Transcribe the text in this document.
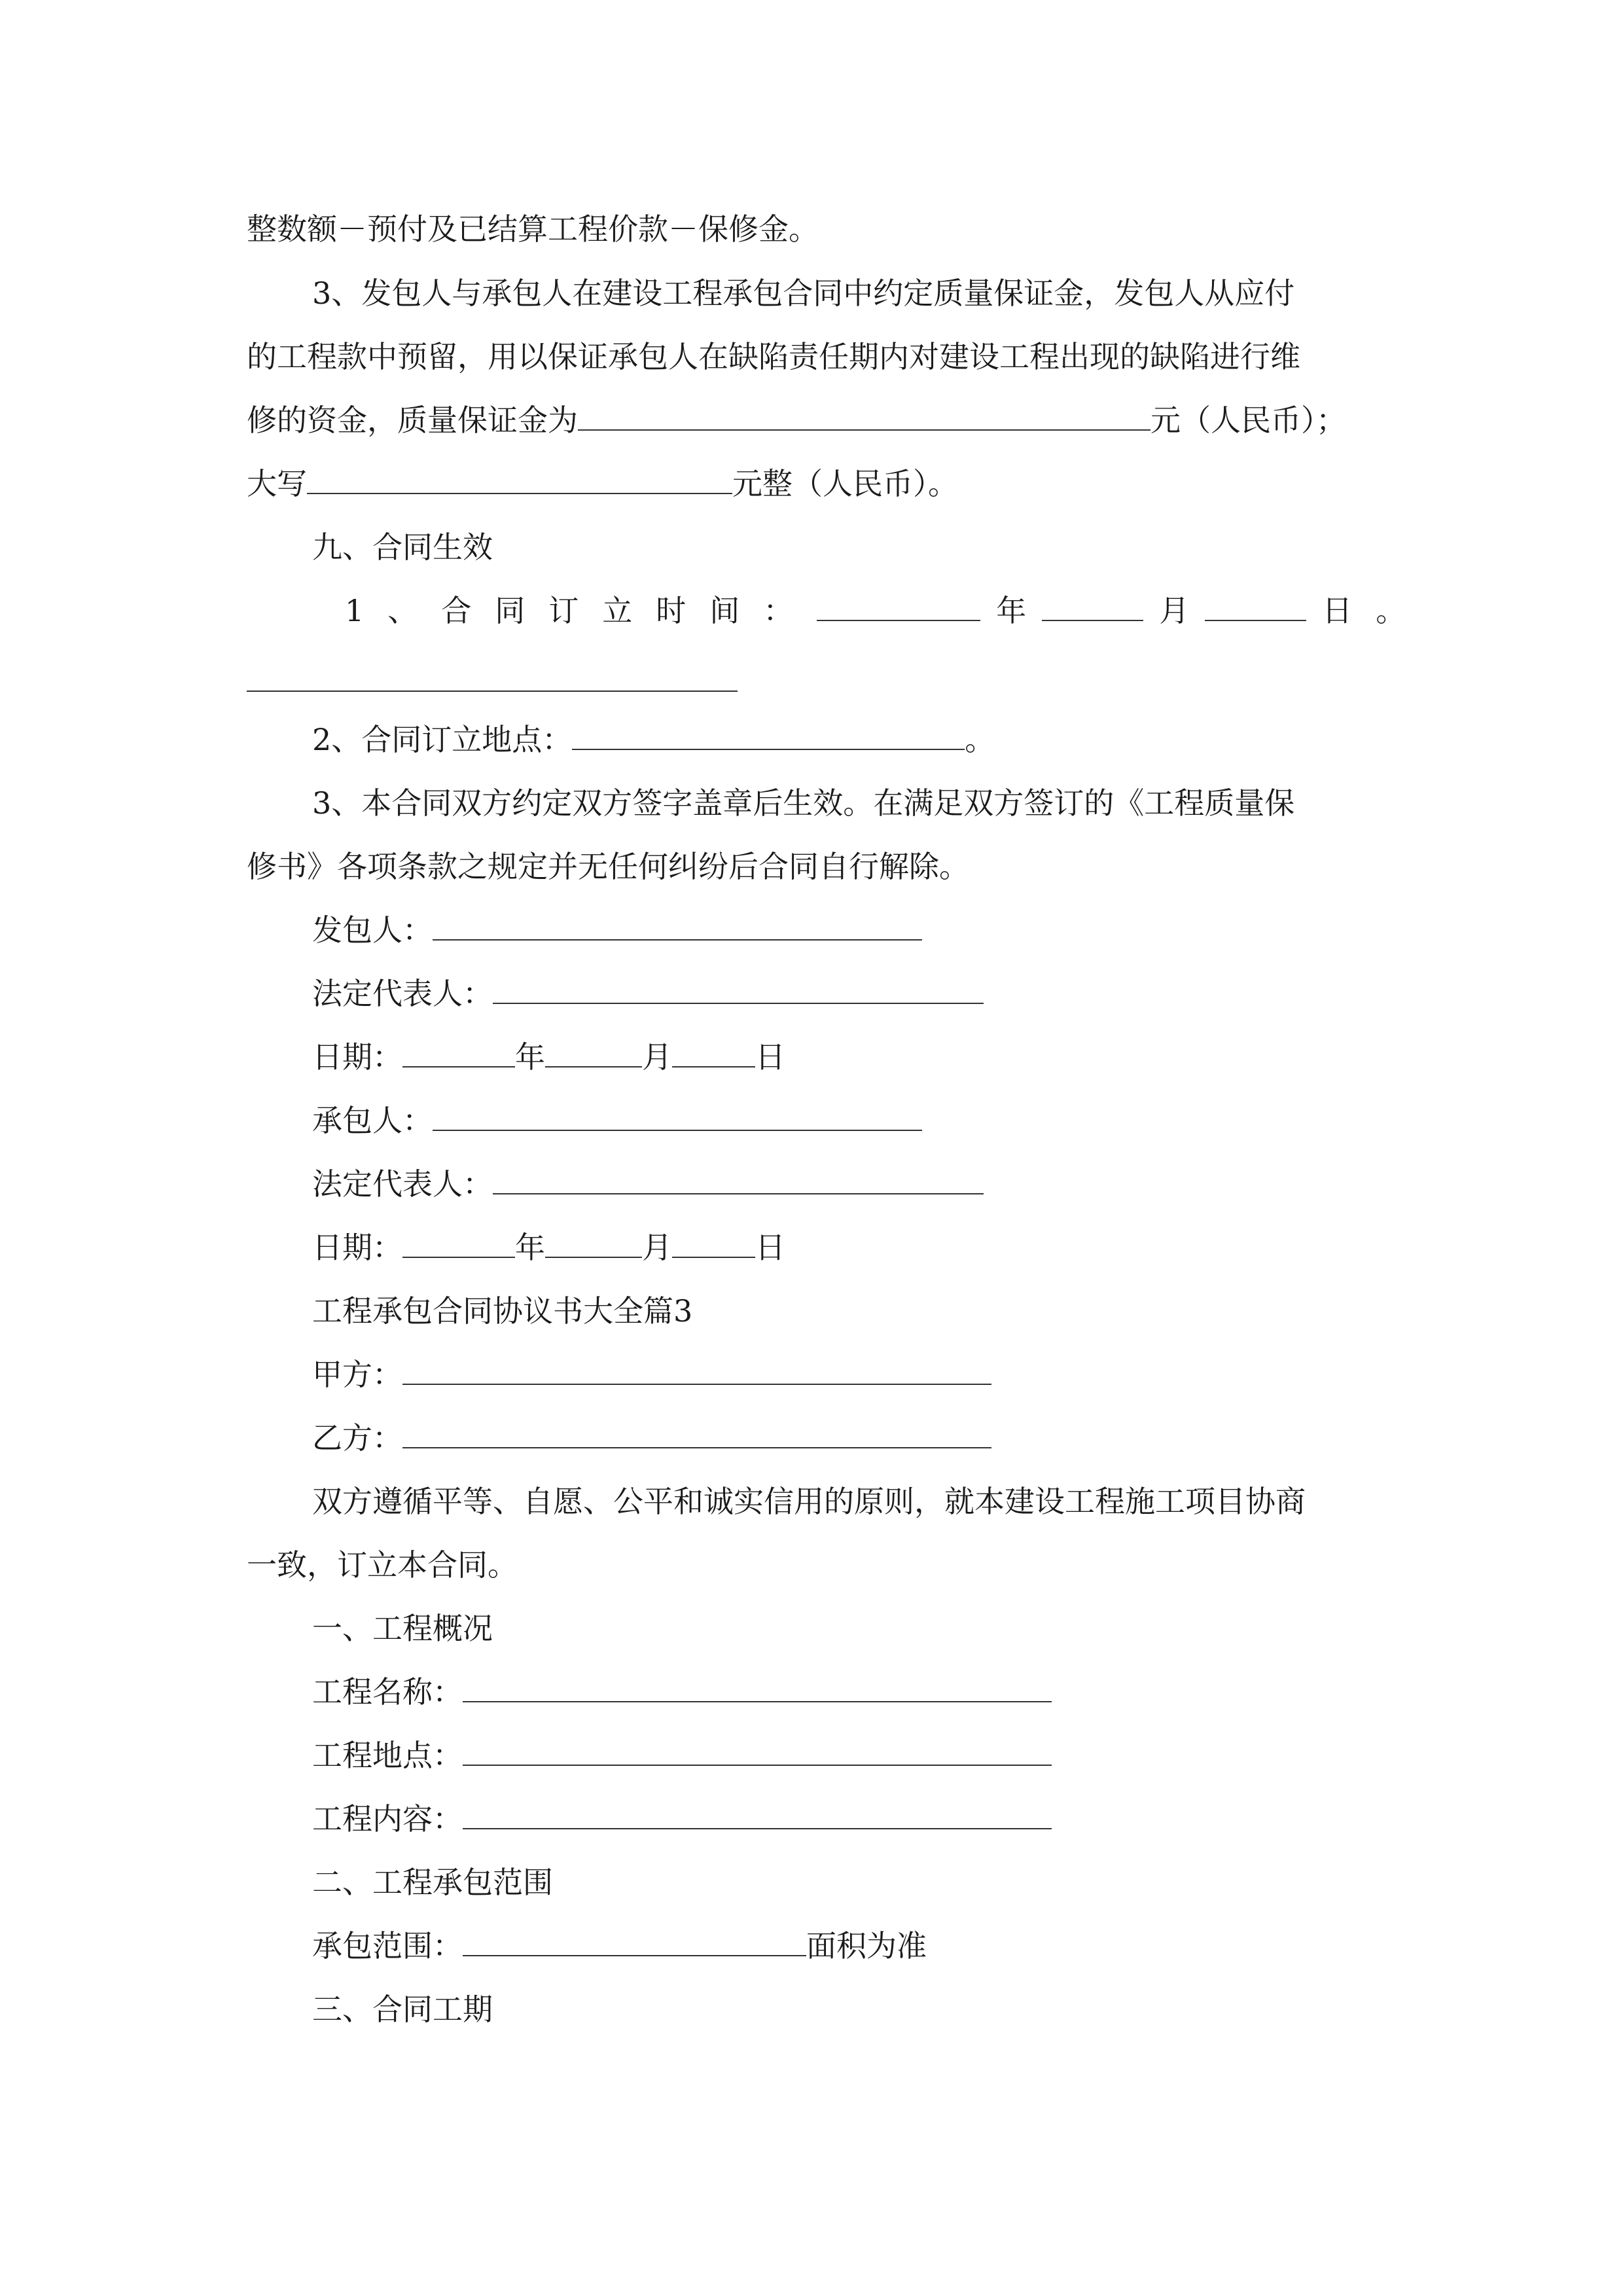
整数额－预付及已结算工程价款－保修金。
3、发包人与承包人在建设工程承包合同中约定质量保证金，发包人从应付
的工程款中预留，用以保证承包人在缺陷责任期内对建设工程出现的缺陷进行维
修的资金，质量保证金为	元（人民币）；
大写	元整（人民币）。
九、合同生效
1、合同订立时间：	年	月	日。
2、合同订立地点：	。
3、本合同双方约定双方签字盖章后生效。在满足双方签订的《工程质量保
修书》各项条款之规定并无任何纠纷后合同自行解除。
发包人：
法定代表人：
日期：	年	月	日
承包人：
法定代表人：
日期：	年	月	日
工程承包合同协议书大全篇3
甲方：
乙方：
双方遵循平等、自愿、公平和诚实信用的原则，就本建设工程施工项目协商
一致，订立本合同。
一、工程概况
工程名称：
工程地点：
工程内容：
二、工程承包范围
承包范围：	面积为准
三、合同工期
